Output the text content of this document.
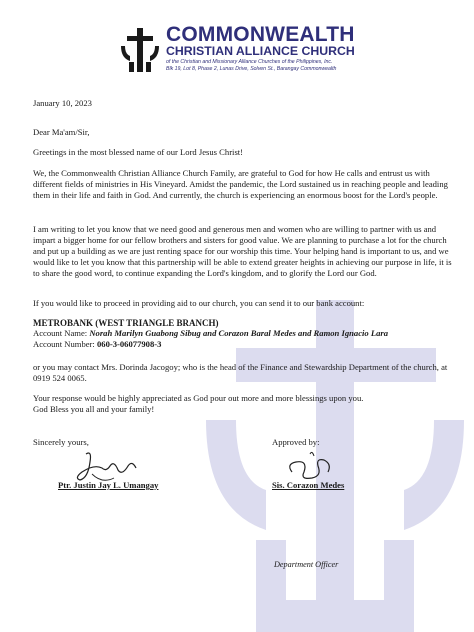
COMMONWEALTH
CHRISTIAN ALLIANCE CHURCH
of the Christian and Missionary Alliance Churches of the Philippines, Inc.
Blk 19, Lot 8, Phase 2, Lunas Drive, Solven St., Barangay Commonwealth
January 10, 2023
Dear Ma'am/Sir,
Greetings in the most blessed name of our Lord Jesus Christ!
We, the Commonwealth Christian Alliance Church Family, are grateful to God for how He calls and entrust us with different fields of ministries in His Vineyard. Amidst the pandemic, the Lord sustained us in reaching people and leading them in their life and faith in God. And currently, the church is experiencing an enormous boost for the Lord's people.
I am writing to let you know that we need good and generous men and women who are willing to partner with us and impart a bigger home for our fellow brothers and sisters for good value. We are planning to purchase a lot for the church and put up a building as we are just renting space for our worship this time. Your helping hand is important to us, and we would like to let you know that this partnership will be able to extend greater heights in achieving our purpose in life, it is to share the good word, to continue expanding the Lord's kingdom, and to glorify the Lord our God.
If you would like to proceed in providing aid to our church, you can send it to our bank account:
METROBANK (WEST TRIANGLE BRANCH)
Account Name: Norah Marilyn Guabong Sibug and Corazon Baral Medes and Ramon Ignacio Lara
Account Number: 060-3-06077908-3
or you may contact Mrs. Dorinda Jacogoy; who is the head of the Finance and Stewardship Department of the church, at 0919 524 0065.
Your response would be highly appreciated as God pour out more and more blessings upon you.
God Bless you all and your family!
Sincerely yours,	Approved by:
Ptr. Justin Jay L. Umangay	Sis. Corazon Medes
Department Officer
